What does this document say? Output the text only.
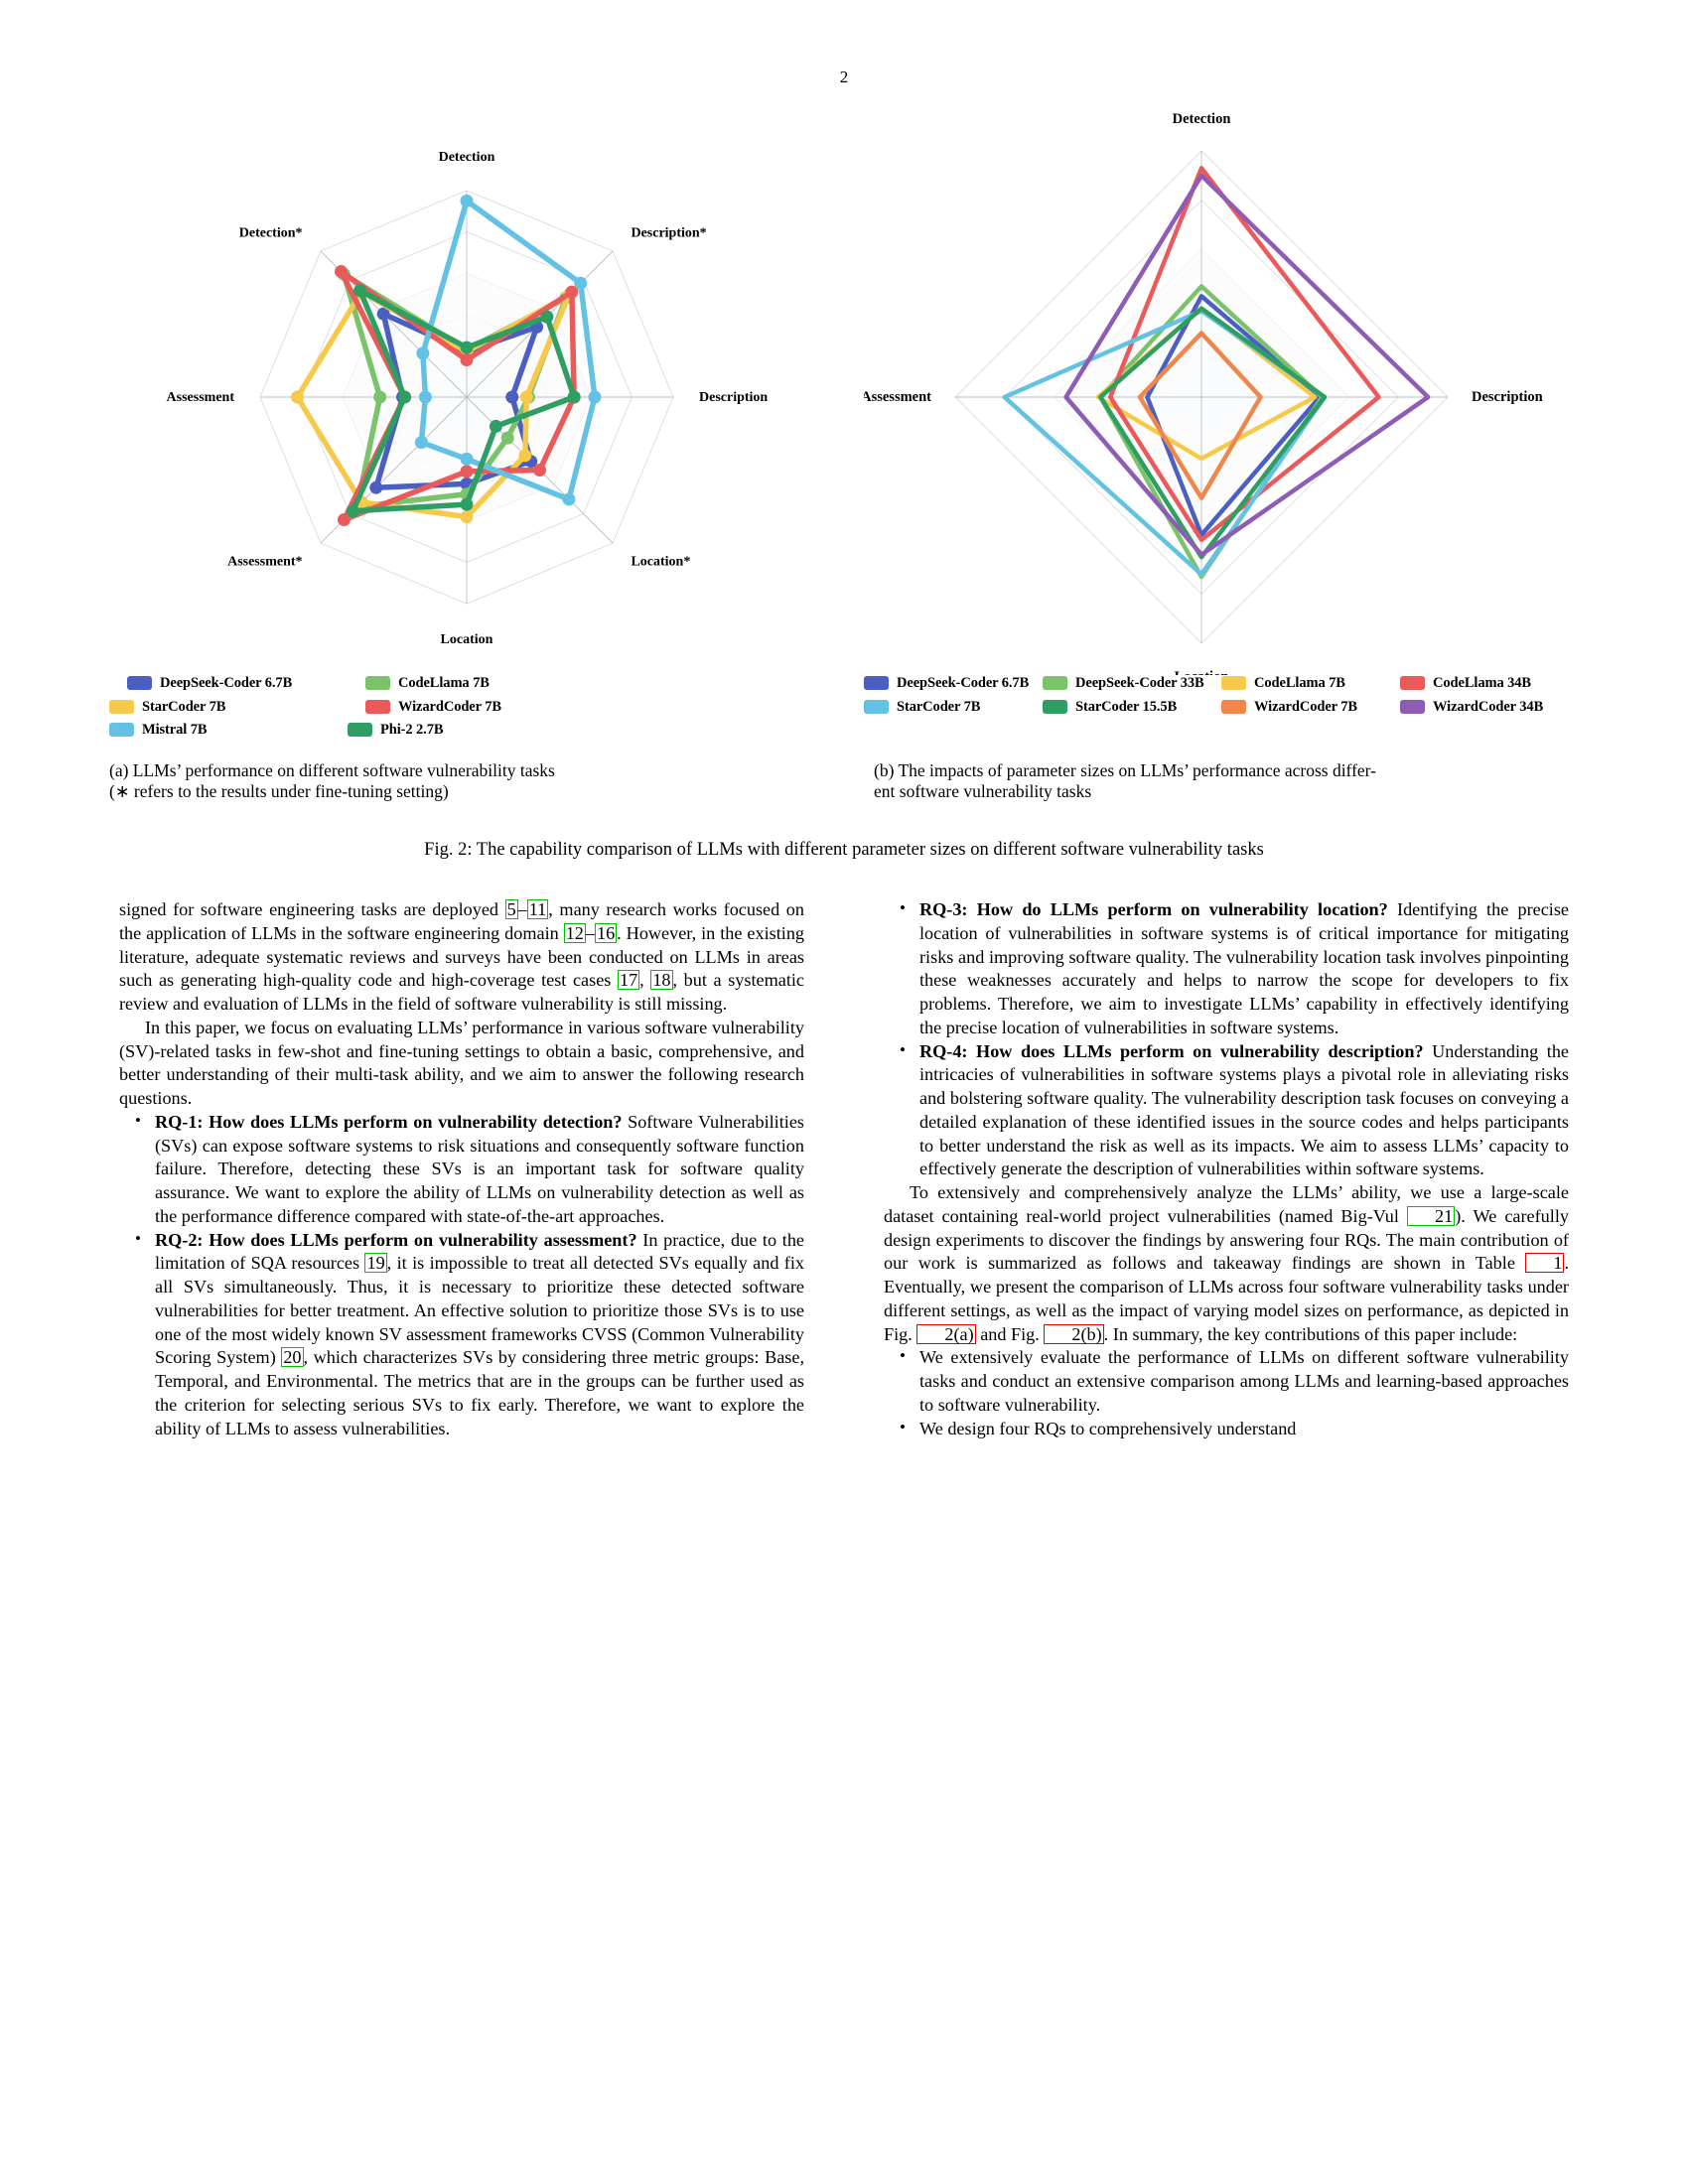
2
Detection
Description*
Description
Location*
Location
Assessment*
Assessment
Detection*
DeepSeek-Coder 6.7B	CodeLlama 7B
StarCoder 7B	WizardCoder 7B
Mistral 7B	Phi-2 2.7B
Detection
Description
Assessment
DeepSeek-Coder 6.7B	DeepSeek-Coder 33B	CodeLlama 7B	CodeLlama 34B
StarCoder 7B	StarCoder 15.5B	WizardCoder 7B	WizardCoder 34B
(a) LLMs’ performance on different software vulnerability tasks
(∗ refers to the results under fine-tuning setting)
(b) The impacts of parameter sizes on LLMs’ performance across differ-
ent software vulnerability tasks
Fig. 2: The capability comparison of LLMs with different parameter sizes on different software vulnerability tasks

signed for software engineering tasks are deployed 5 – 11 , many research works focused on the application of LLMs in the software engineering domain 12 – 16 . However, in the existing literature, adequate systematic reviews and surveys have been conducted on LLMs in areas such as generating high-quality code and high-coverage test cases 17 , 18 , but a systematic review and evaluation of LLMs in the field of software vulnerability is still missing.

In this paper, we focus on evaluating LLMs’ performance in various software vulnerability (SV)-related tasks in few-shot and fine-tuning settings to obtain a basic, comprehensive, and better understanding of their multi-task ability, and we aim to answer the following research questions.

• RQ-1: How does LLMs perform on vulnerability detection? Software Vulnerabilities (SVs) can expose software systems to risk situations and consequently software function failure. Therefore, detecting these SVs is an important task for software quality assurance. We want to explore the ability of LLMs on vulnerability detection as well as the performance difference compared with state-of-the-art approaches.
• RQ-2: How does LLMs perform on vulnerability assessment? In practice, due to the limitation of SQA resources 19 , it is impossible to treat all detected SVs equally and fix all SVs simultaneously. Thus, it is necessary to prioritize these detected software vulnerabilities for better treatment. An effective solution to prioritize those SVs is to use one of the most widely known SV assessment frameworks CVSS (Common Vulnerability Scoring System) 20 , which characterizes SVs by considering three metric groups: Base, Temporal, and Environmental. The metrics that are in the groups can be further used as the criterion for selecting serious SVs to fix early. Therefore, we want to explore the ability of LLMs to assess vulnerabilities.
• RQ-3: How do LLMs perform on vulnerability location? Identifying the precise location of vulnerabilities in software systems is of critical importance for mitigating risks and improving software quality. The vulnerability location task involves pinpointing these weaknesses accurately and helps to narrow the scope for developers to fix problems. Therefore, we aim to investigate LLMs’ capability in effectively identifying the precise location of vulnerabilities in software systems.
• RQ-4: How does LLMs perform on vulnerability description? Understanding the intricacies of vulnerabilities in software systems plays a pivotal role in alleviating risks and bolstering software quality. The vulnerability description task focuses on conveying a detailed explanation of these identified issues in the source codes and helps participants to better understand the risk as well as its impacts. We aim to assess LLMs’ capacity to effectively generate the description of vulnerabilities within software systems.

To extensively and comprehensively analyze the LLMs’ ability, we use a large-scale dataset containing real-world project vulnerabilities (named Big-Vul 21 ). We carefully design experiments to discover the findings by answering four RQs. The main contribution of our work is summarized as follows and takeaway findings are shown in Table 1 . Eventually, we present the comparison of LLMs across four software vulnerability tasks under different settings, as well as the impact of varying model sizes on performance, as depicted in Fig. 2(a) and Fig. 2(b) . In summary, the key contributions of this paper include:

• We extensively evaluate the performance of LLMs on different software vulnerability tasks and conduct an extensive comparison among LLMs and learning-based approaches to software vulnerability.
• We design four RQs to comprehensively understand
